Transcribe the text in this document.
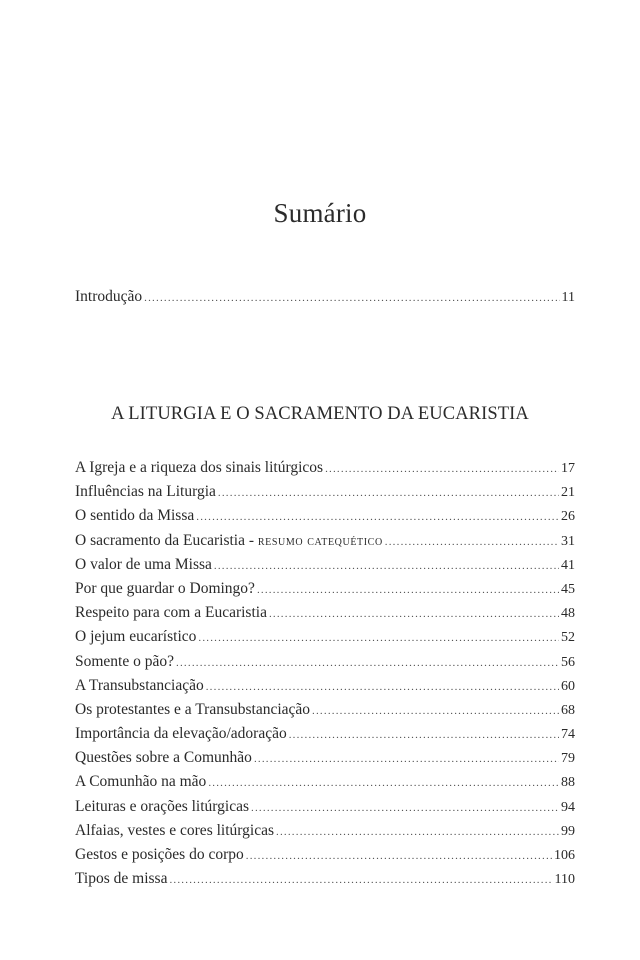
Sumário
Introdução .....	11
A LITURGIA E O SACRAMENTO DA EUCARISTIA
A Igreja e a riqueza dos sinais litúrgicos .....	17
Influências na Liturgia .....	21
O sentido da Missa .....	26
O sacramento da Eucaristia - resumo catequético .....	31
O valor de uma Missa .....	41
Por que guardar o Domingo? .....	45
Respeito para com a Eucaristia .....	48
O jejum eucarístico .....	52
Somente o pão? .....	56
A Transubstanciação .....	60
Os protestantes e a Transubstanciação .....	68
Importância da elevação/adoração .....	74
Questões sobre a Comunhão .....	79
A Comunhão na mão .....	88
Leituras e orações litúrgicas .....	94
Alfaias, vestes e cores litúrgicas .....	99
Gestos e posições do corpo .....	106
Tipos de missa .....	110
